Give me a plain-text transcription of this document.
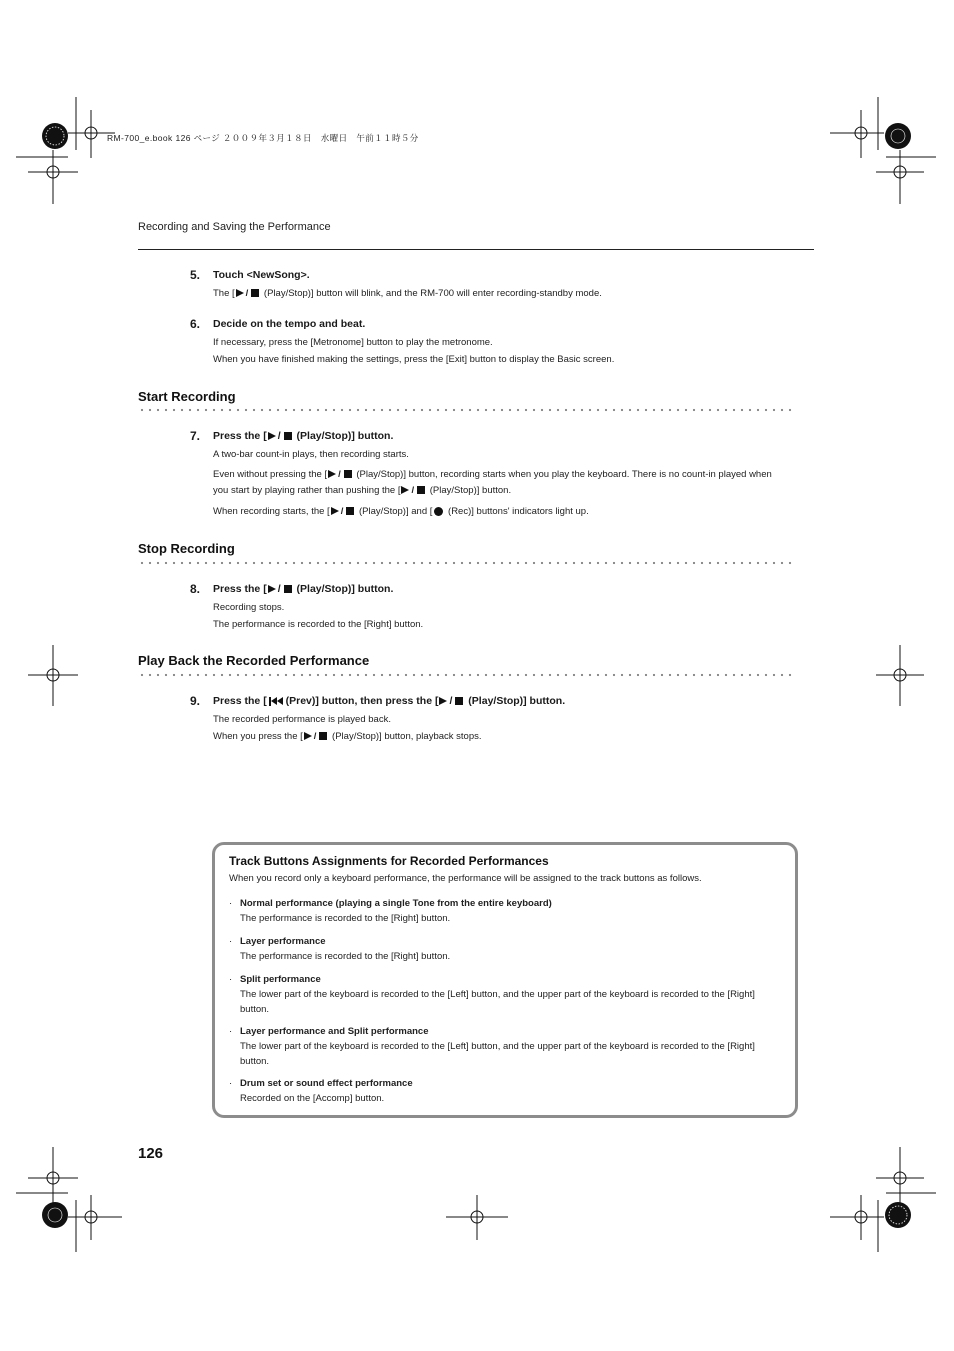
RM-700_e.book 126 ページ ２００９年３月１８日　水曜日　午前１１時５分
Recording and Saving the Performance
5. Touch <NewSong>.

The [ / (Play/Stop)] button will blink, and the RM-700 will enter recording-standby mode.

6. Decide on the tempo and beat.

If necessary, press the [Metronome] button to play the metronome.

When you have finished making the settings, press the [Exit] button to display the Basic screen.

Start Recording
7. Press the [ / (Play/Stop)] button.

A two-bar count-in plays, then recording starts.

Even without pressing the [ / (Play/Stop)] button, recording starts when you play the keyboard. There is no count-in played when you start by playing rather than pushing the [ / (Play/Stop)] button.

When recording starts, the [ / (Play/Stop)] and [ (Rec)] buttons' indicators light up.

Stop Recording
8. Press the [ / (Play/Stop)] button.

Recording stops.

The performance is recorded to the [Right] button.

Play Back the Recorded Performance
9. Press the [ (Prev)] button, then press the [ / (Play/Stop)] button.

The recorded performance is played back.

When you press the [ / (Play/Stop)] button, playback stops.

Track Buttons Assignments for Recorded Performances
When you record only a keyboard performance, the performance will be assigned to the track buttons as follows.
· Normal performance (playing a single Tone from the entire keyboard)
The performance is recorded to the [Right] button.
· Layer performance
The performance is recorded to the [Right] button.
· Split performance
The lower part of the keyboard is recorded to the [Left] button, and the upper part of the keyboard is recorded to the [Right] button.
· Layer performance and Split performance
The lower part of the keyboard is recorded to the [Left] button, and the upper part of the keyboard is recorded to the [Right] button.
· Drum set or sound effect performance
Recorded on the [Accomp] button.
126
